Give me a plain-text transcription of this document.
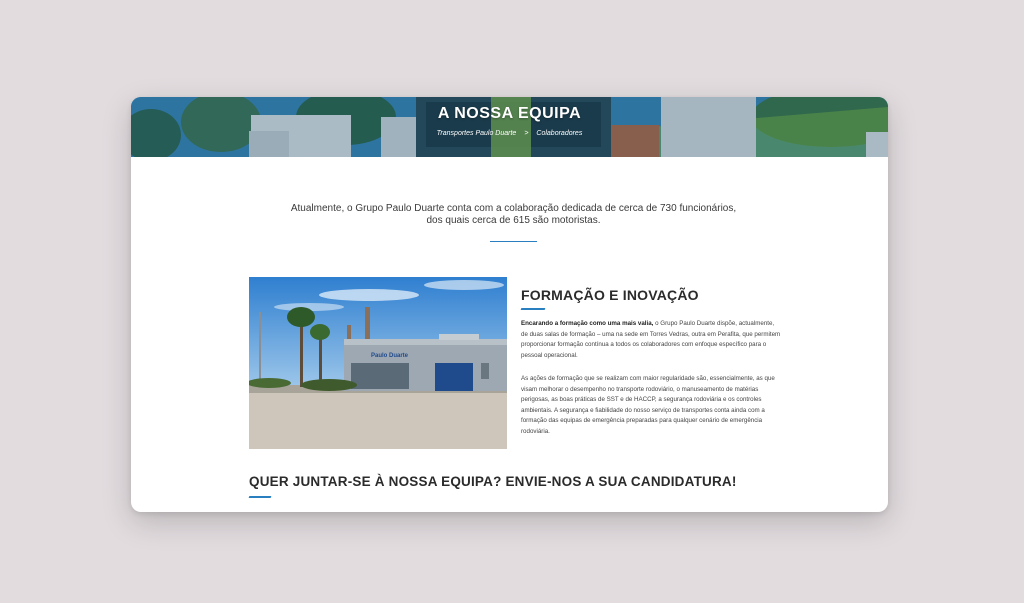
A NOSSA EQUIPA
Transportes Paulo Duarte > Colaboradores
Atualmente, o Grupo Paulo Duarte conta com a colaboração dedicada de cerca de 730 funcionários,
dos quais cerca de 615 são motoristas.
Paulo Duarte
FORMAÇÃO E INOVAÇÃO
Encarando a formação como uma mais valia, o Grupo Paulo Duarte dispõe, actualmente, de duas salas de formação – uma na sede em Torres Vedras, outra em Perafita, que permitem proporcionar formação contínua a todos os colaboradores com enfoque específico para o pessoal operacional.
As ações de formação que se realizam com maior regularidade são, essencialmente, as que visam melhorar o desempenho no transporte rodoviário, o manuseamento de matérias perigosas, as boas práticas de SST e de HACCP, a segurança rodoviária e os controles ambientais. A segurança e fiabilidade do nosso serviço de transportes conta ainda com a formação das equipas de emergência preparadas para qualquer cenário de emergência rodoviária.
QUER JUNTAR-SE À NOSSA EQUIPA? ENVIE-NOS A SUA CANDIDATURA!
